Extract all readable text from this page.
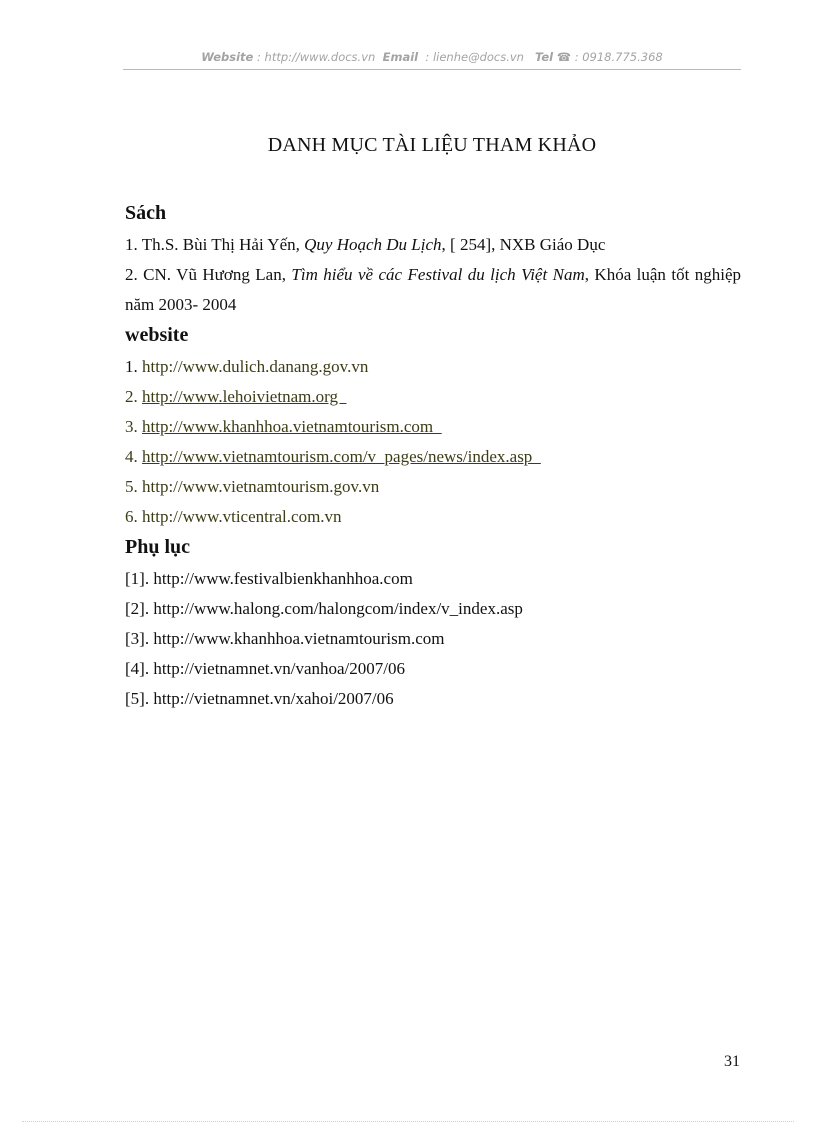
Website : http://www.docs.vn Email  : lienhe@docs.vn Tel ☎ : 0918.775.368
DANH MỤC TÀI LIỆU THAM KHẢO
Sách

1. Th.S. Bùi Thị Hải Yến, Quy Hoạch Du Lịch, [ 254], NXB Giáo Dục

2. CN. Vũ Hương Lan, Tìm hiểu về các Festival du lịch Việt Nam, Khóa luận tốt nghiệp năm 2003- 2004

website

1. http://www.dulich.danang.gov.vn

2. http://www.lehoivietnam.org

3. http://www.khanhhoa.vietnamtourism.com

4. http://www.vietnamtourism.com/v_pages/news/index.asp

5. http://www.vietnamtourism.gov.vn

6. http://www.vticentral.com.vn

Phụ lục

[1]. http://www.festivalbienkhanhhoa.com

[2]. http://www.halong.com/halongcom/index/v_index.asp

[3]. http://www.khanhhoa.vietnamtourism.com

[4]. http://vietnamnet.vn/vanhoa/2007/06

[5]. http://vietnamnet.vn/xahoi/2007/06

31
